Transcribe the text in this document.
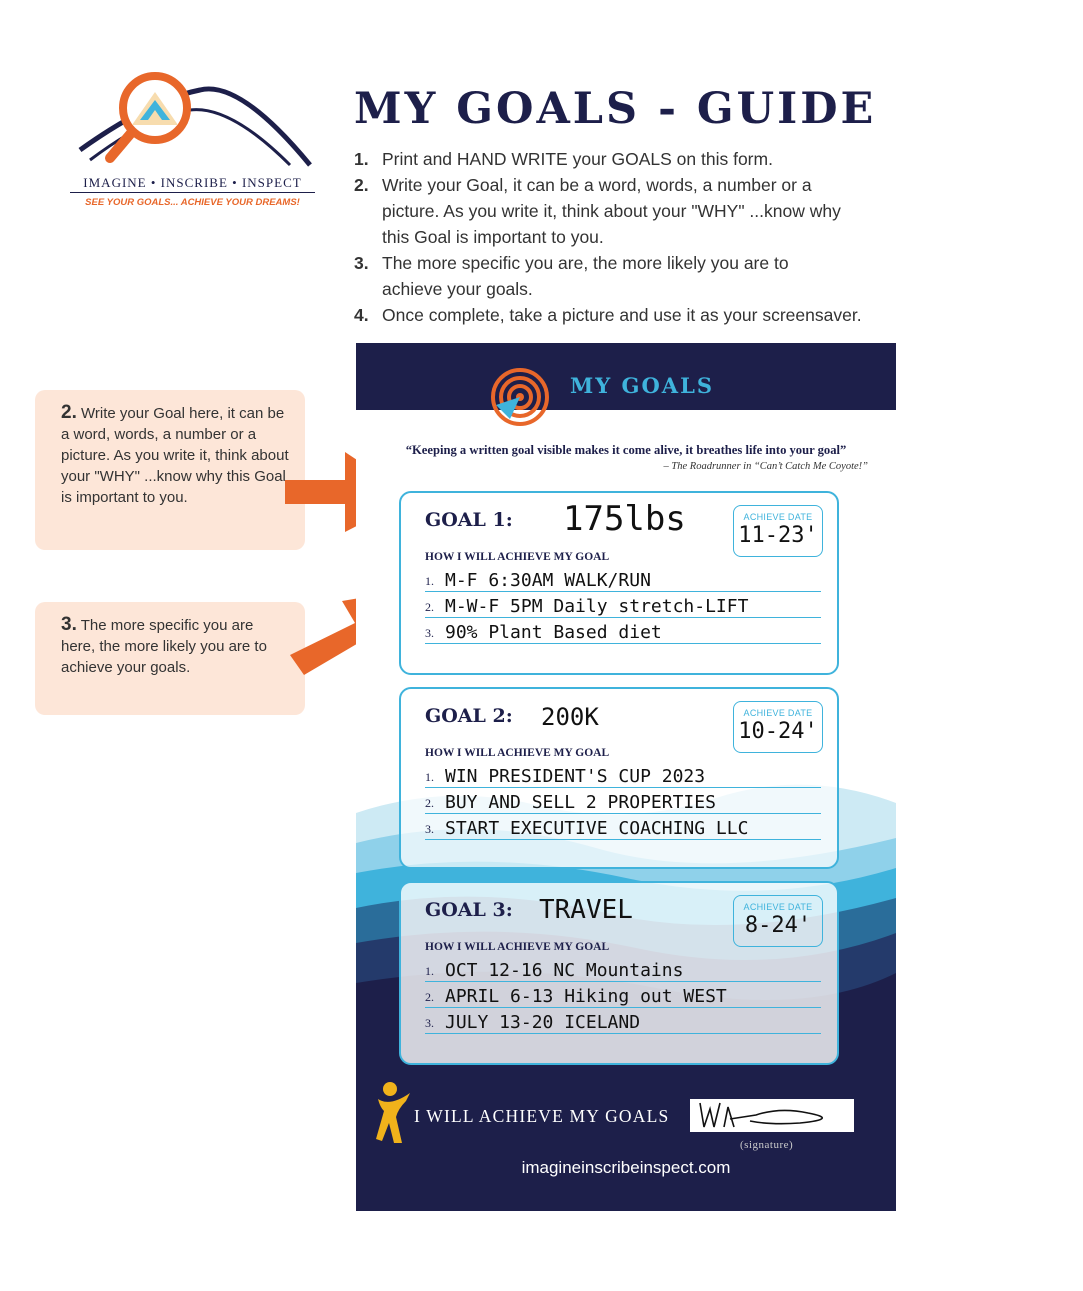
IMAGINE • INSCRIBE • INSPECT
SEE YOUR GOALS... ACHIEVE YOUR DREAMS!
MY GOALS - GUIDE
1. Print and HAND WRITE your GOALS on this form.
2. Write your Goal, it can be a word, words, a number or a picture. As you write it, think about your "WHY" ...know why this Goal is important to you.
3. The more specific you are, the more likely you are to achieve your goals.
4. Once complete, take a picture and use it as your screensaver.
2. Write your Goal here, it can be a word, words, a number or a picture. As you write it, think about your "WHY" ...know why this Goal is important to you.
3. The more specific you are here, the more likely you are to achieve your goals.
MY GOALS
“Keeping a written goal visible makes it come alive, it breathes life into your goal”
– The Roadrunner in “Can’t Catch Me Coyote!”
GOAL 1: 175lbs	ACHIEVE DATE
11-23'
HOW I WILL ACHIEVE MY GOAL
1. M-F 6:30AM WALK/RUN
2. M-W-F 5PM Daily stretch-LIFT
3. 90% Plant Based diet
GOAL 2: 200K	ACHIEVE DATE
10-24'
HOW I WILL ACHIEVE MY GOAL
1. WIN PRESIDENT'S CUP 2023
2. BUY AND SELL 2 PROPERTIES
3. START EXECUTIVE COACHING LLC
GOAL 3: TRAVEL	ACHIEVE DATE
8-24'
HOW I WILL ACHIEVE MY GOAL
1. OCT 12-16 NC Mountains
2. APRIL 6-13 Hiking out WEST
3. JULY 13-20 ICELAND
I WILL ACHIEVE MY GOALS
(signature)
imagineinscribeinspect.com
